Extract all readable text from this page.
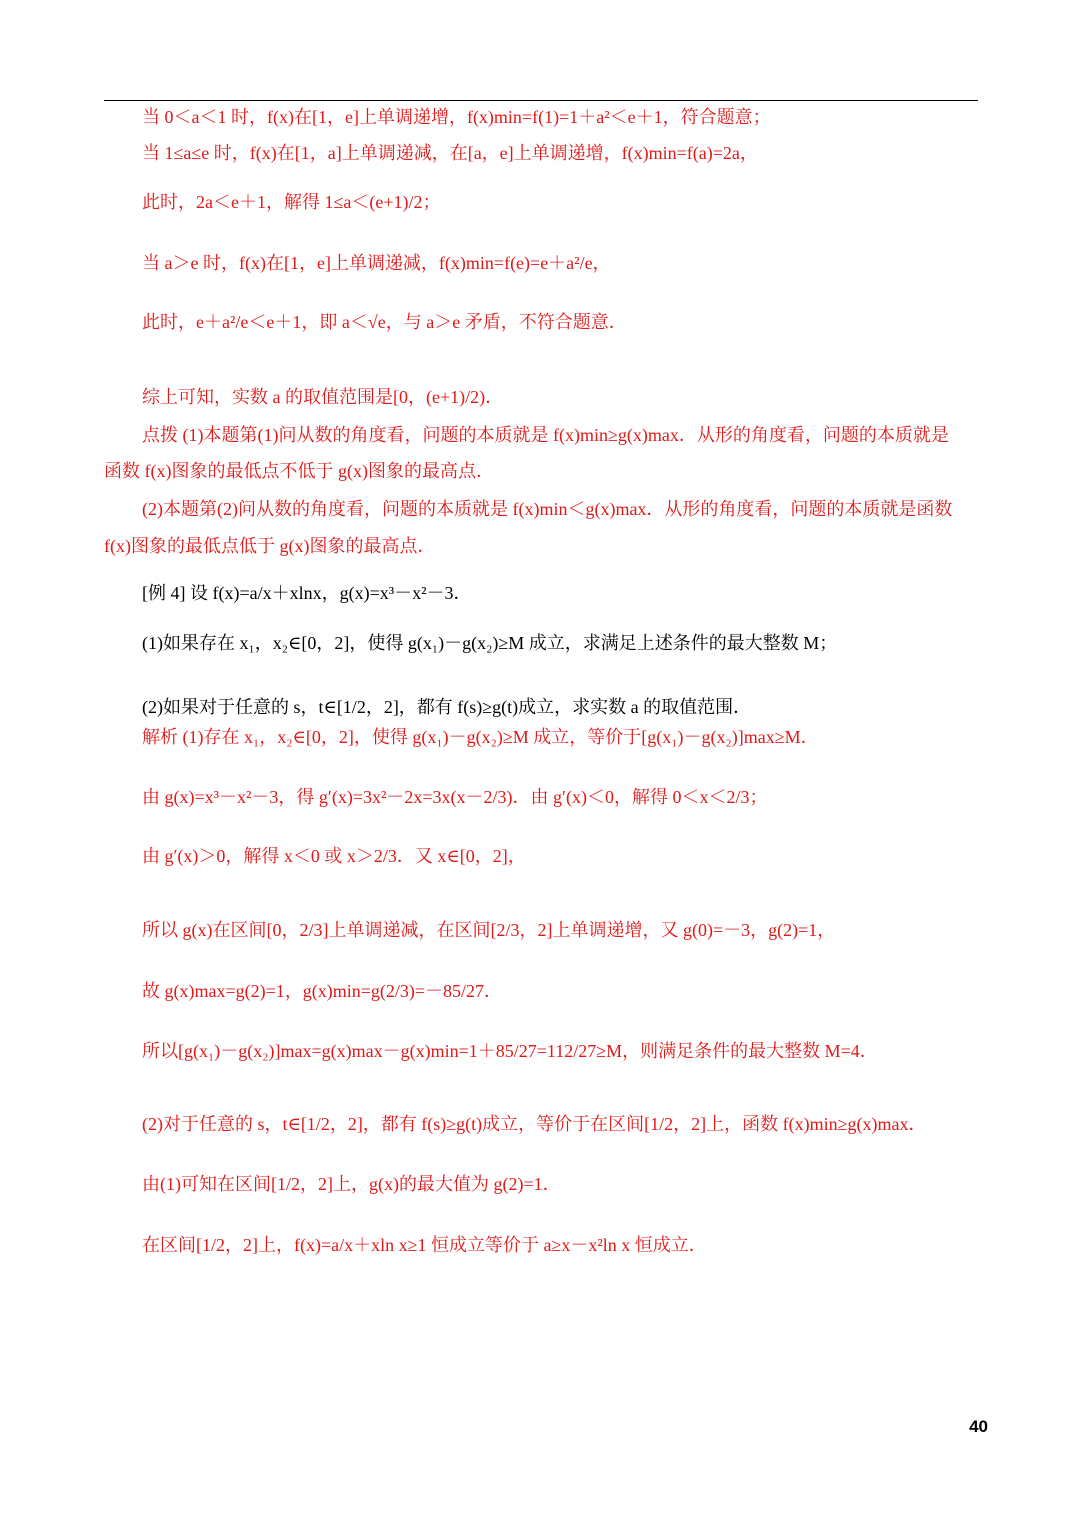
当 0＜a＜1 时，f(x)在[1，e]上单调递增，f(x)min=f(1)=1＋a²＜e＋1，符合题意；
当 1≤a≤e 时，f(x)在[1，a]上单调递减，在[a，e]上单调递增，f(x)min=f(a)=2a，
此时，2a＜e＋1，解得 1≤a＜(e+1)/2；
当 a＞e 时，f(x)在[1，e]上单调递减，f(x)min=f(e)=e＋a²/e，
此时，e＋a²/e＜e＋1，即 a＜√e，与 a＞e 矛盾，不符合题意．
综上可知，实数 a 的取值范围是[0，(e+1)/2)．
点拨 (1)本题第(1)问从数的角度看，问题的本质就是 f(x)min≥g(x)max．从形的角度看，问题的本质就是
函数 f(x)图象的最低点不低于 g(x)图象的最高点．
(2)本题第(2)问从数的角度看，问题的本质就是 f(x)min＜g(x)max．从形的角度看，问题的本质就是函数
f(x)图象的最低点低于 g(x)图象的最高点．
[例 4] 设 f(x)=a/x＋xlnx，g(x)=x³－x²－3．
(1)如果存在 x₁，x₂∈[0，2]，使得 g(x₁)－g(x₂)≥M 成立，求满足上述条件的最大整数 M；
(2)如果对于任意的 s，t∈[1/2，2]，都有 f(s)≥g(t)成立，求实数 a 的取值范围．
解析 (1)存在 x₁，x₂∈[0，2]，使得 g(x₁)－g(x₂)≥M 成立，等价于[g(x₁)－g(x₂)]max≥M．
由 g(x)=x³－x²－3，得 g′(x)=3x²－2x=3x(x－2/3)．由 g′(x)＜0，解得 0＜x＜2/3；
由 g′(x)＞0，解得 x＜0 或 x＞2/3．又 x∈[0，2]，
所以 g(x)在区间[0，2/3]上单调递减，在区间[2/3，2]上单调递增，又 g(0)=－3，g(2)=1，
故 g(x)max=g(2)=1，g(x)min=g(2/3)=－85/27．
所以[g(x₁)－g(x₂)]max=g(x)max－g(x)min=1＋85/27=112/27≥M，则满足条件的最大整数 M=4．
(2)对于任意的 s，t∈[1/2，2]，都有 f(s)≥g(t)成立，等价于在区间[1/2，2]上，函数 f(x)min≥g(x)max．
由(1)可知在区间[1/2，2]上，g(x)的最大值为 g(2)=1．
在区间[1/2，2]上，f(x)=a/x＋xln x≥1 恒成立等价于 a≥x－x²ln x 恒成立．
40
